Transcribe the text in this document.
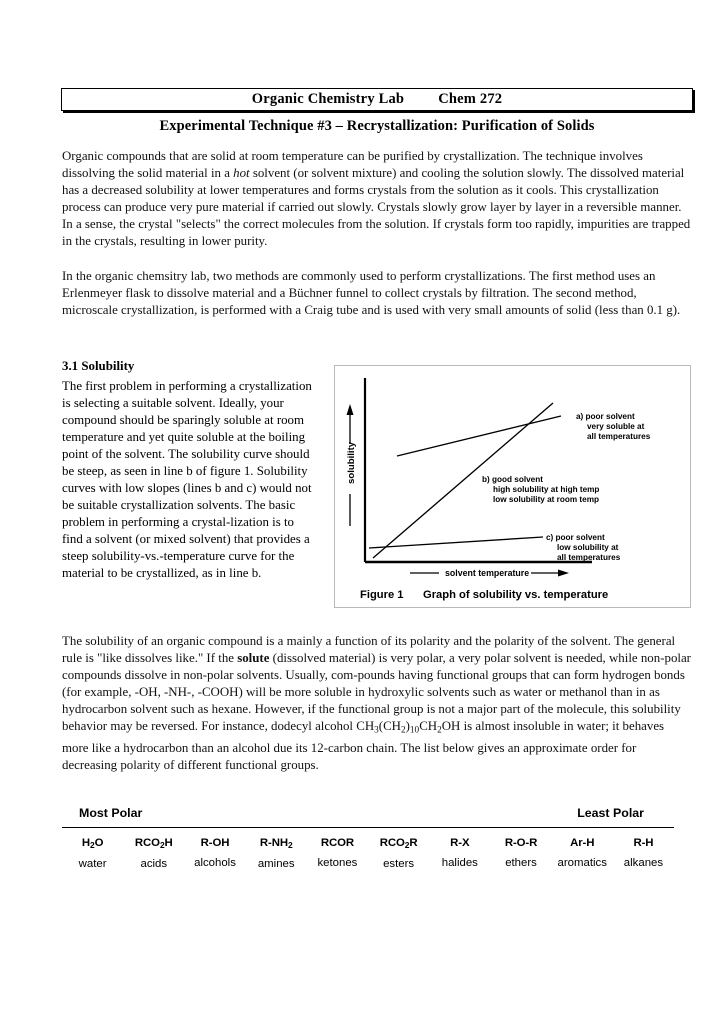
Organic Chemistry Lab Chem 272
Experimental Technique #3 – Recrystallization: Purification of Solids
Organic compounds that are solid at room temperature can be purified by crystallization. The technique involves dissolving the solid material in a hot solvent (or solvent mixture) and cooling the solution slowly. The dissolved material has a decreased solubility at lower temperatures and forms crystals from the solution as it cools. This crystallization process can produce very pure material if carried out slowly. Crystals slowly grow layer by layer in a reversible manner. In a sense, the crystal "selects" the correct molecules from the solution. If crystals form too rapidly, impurities are trapped in the crystals, resulting in lower purity.
In the organic chemsitry lab, two methods are commonly used to perform crystallizations. The first method uses an Erlenmeyer flask to dissolve material and a Büchner funnel to collect crystals by filtration. The second method, microscale crystallization, is performed with a Craig tube and is used with very small amounts of solid (less than 0.1 g).
3.1 Solubility
The first problem in performing a crystallization is selecting a suitable solvent. Ideally, your compound should be sparingly soluble at room temperature and yet quite soluble at the boiling point of the solvent. The solubility curve should be steep, as seen in line b of figure 1. Solubility curves with low slopes (lines b and c) would not be suitable crystallization solvents. The basic problem in performing a crystal-lization is to find a solvent (or mixed solvent) that provides a steep solubility-vs.-temperature curve for the material to be crystallized, as in line b.
solubility
a) poor solvent
very soluble at
all temperatures
b) good solvent
high solubility at high temp
low solubility at room temp
c) poor solvent
low solubility at
all temperatures
solvent temperature
Figure 1 Graph of solubility vs. temperature
The solubility of an organic compound is a mainly a function of its polarity and the polarity of the solvent. The general rule is "like dissolves like." If the solute (dissolved material) is very polar, a very polar solvent is needed, while non-polar compounds dissolve in non-polar solvents. Usually, com-pounds having functional groups that can form hydrogen bonds (for example, -OH, -NH-, -COOH) will be more soluble in hydroxylic solvents such as water or methanol than in as hydrocarbon solvent such as hexane. However, if the functional group is not a major part of the molecule, this solubility behavior may be reversed. For instance, dodecyl alcohol $CH_3(CH_2)_{10}CH_2OH$ is almost insoluble in water; it behaves more like a hydrocarbon than an alcohol due its 12-carbon chain. The list below gives an approximate order for decreasing polarity of different functional groups.
Most Polar	Least Polar
$H_2O$
water
$RCO_2H$
acids
R-OH
alcohols
$R-NH_2$
amines
RCOR
ketones
$RCO_2R$
esters
R-X
halides
R-O-R
ethers
Ar-H
aromatics
R-H
alkanes
